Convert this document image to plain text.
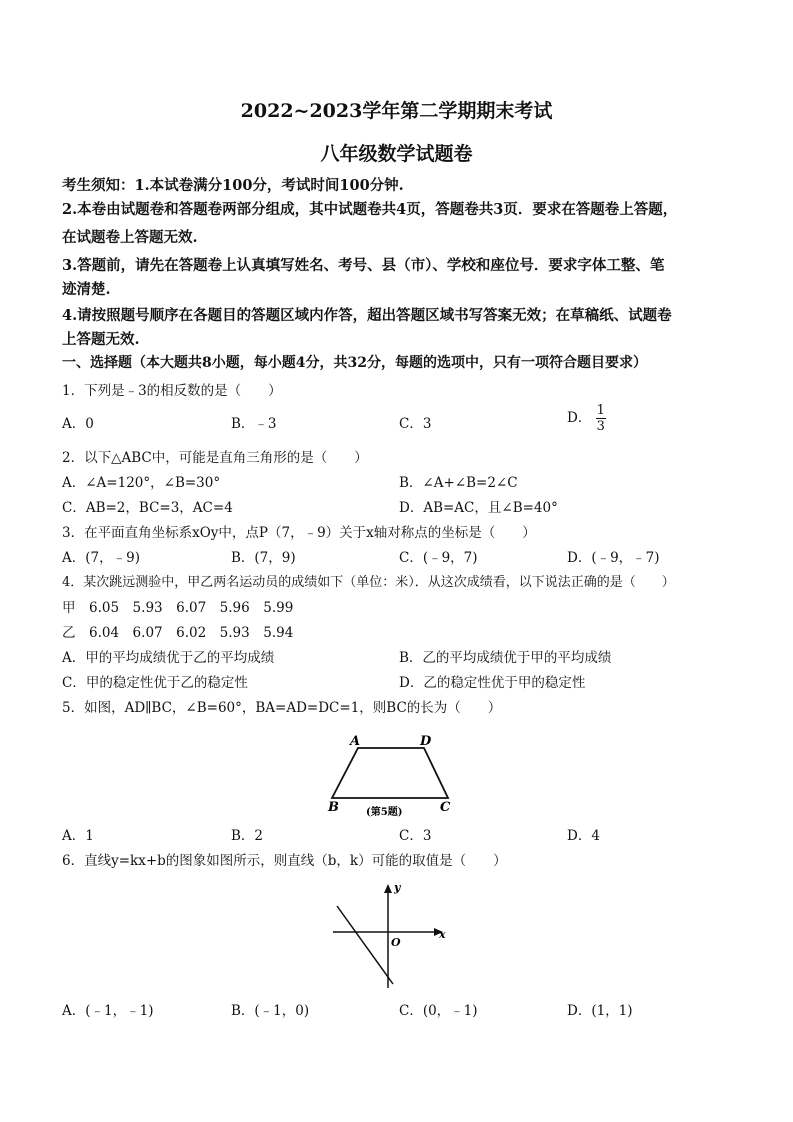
2022~2023学年第二学期期末考试
八年级数学试题卷
考生须知：1.本试卷满分100分，考试时间100分钟.
2.本卷由试题卷和答题卷两部分组成，其中试题卷共4页，答题卷共3页．要求在答题卷上答题，
在试题卷上答题无效.
3.答题前，请先在答题卷上认真填写姓名、考号、县（市）、学校和座位号．要求字体工整、笔
迹清楚.
4.请按照题号顺序在各题目的答题区域内作答，超出答题区域书写答案无效；在草稿纸、试题卷
上答题无效.
一、选择题（本大题共8小题，每小题4分，共32分，每题的选项中，只有一项符合题目要求）
1．下列是﹣3的相反数的是（　　）
A．0	B．﹣3	C．3	D． $\frac{1}{3}$
2．以下△ABC中，可能是直角三角形的是（　　）
A．∠A=120°，∠B=30°	B．∠A+∠B=2∠C
C．AB=2，BC=3，AC=4	D．AB=AC，且∠B=40°
3．在平面直角坐标系xOy中，点P（7，﹣9）关于x轴对称点的坐标是（　　）
A．(7，﹣9)	B．(7，9)	C．(﹣9，7)	D．(﹣9，﹣7)
4．某次跳远测验中，甲乙两名运动员的成绩如下（单位：米）．从这次成绩看，以下说法正确的是（　　）
甲　6.05　5.93　6.07　5.96　5.99
乙　6.04　6.07　6.02　5.93　5.94
A．甲的平均成绩优于乙的平均成绩	B．乙的平均成绩优于甲的平均成绩
C．甲的稳定性优于乙的稳定性	D．乙的稳定性优于甲的稳定性
5．如图，AD∥BC，∠B=60°，BA=AD=DC=1，则BC的长为（　　）
A	D
B	C
(第5题)
A．1	B．2	C．3	D．4
6．直线y=kx+b的图象如图所示，则直线（b，k）可能的取值是（　　）
y
x
O
A．(﹣1，﹣1)	B．(﹣1，0)	C．(0，﹣1)	D．(1，1)
